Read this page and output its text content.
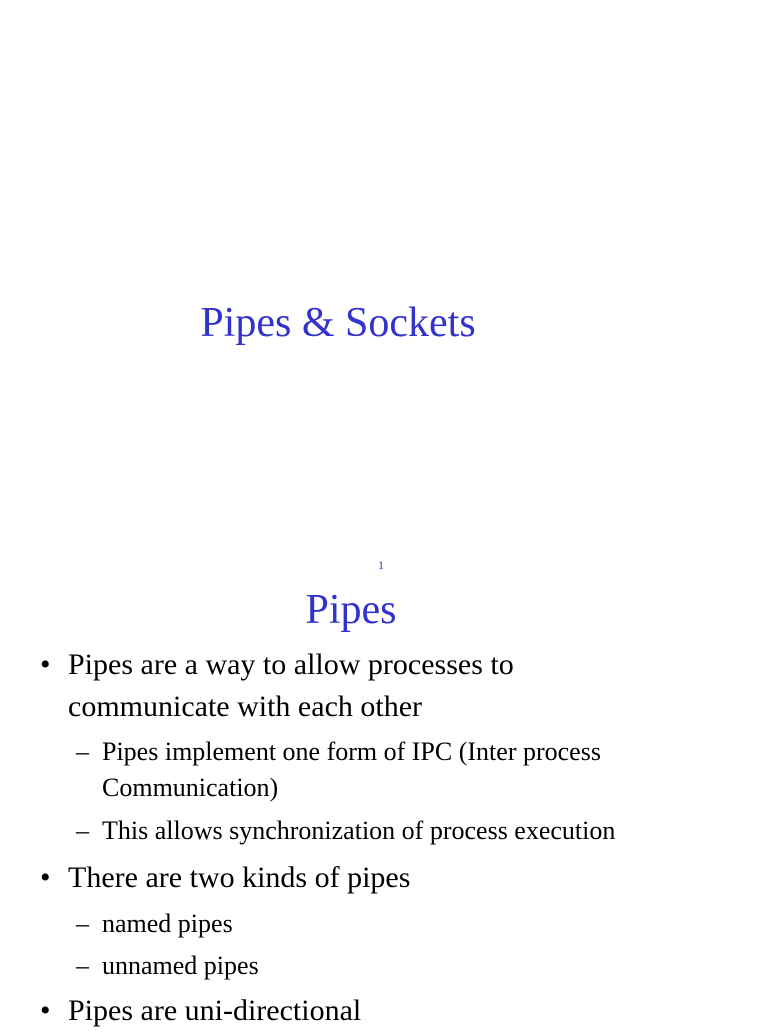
Pipes & Sockets
1
Pipes
• Pipes are a way to allow processes to
communicate with each other
– Pipes implement one form of IPC (Inter process
Communication)
– This allows synchronization of process execution
• There are two kinds of pipes
– named pipes
– unnamed pipes
• Pipes are uni-directional
